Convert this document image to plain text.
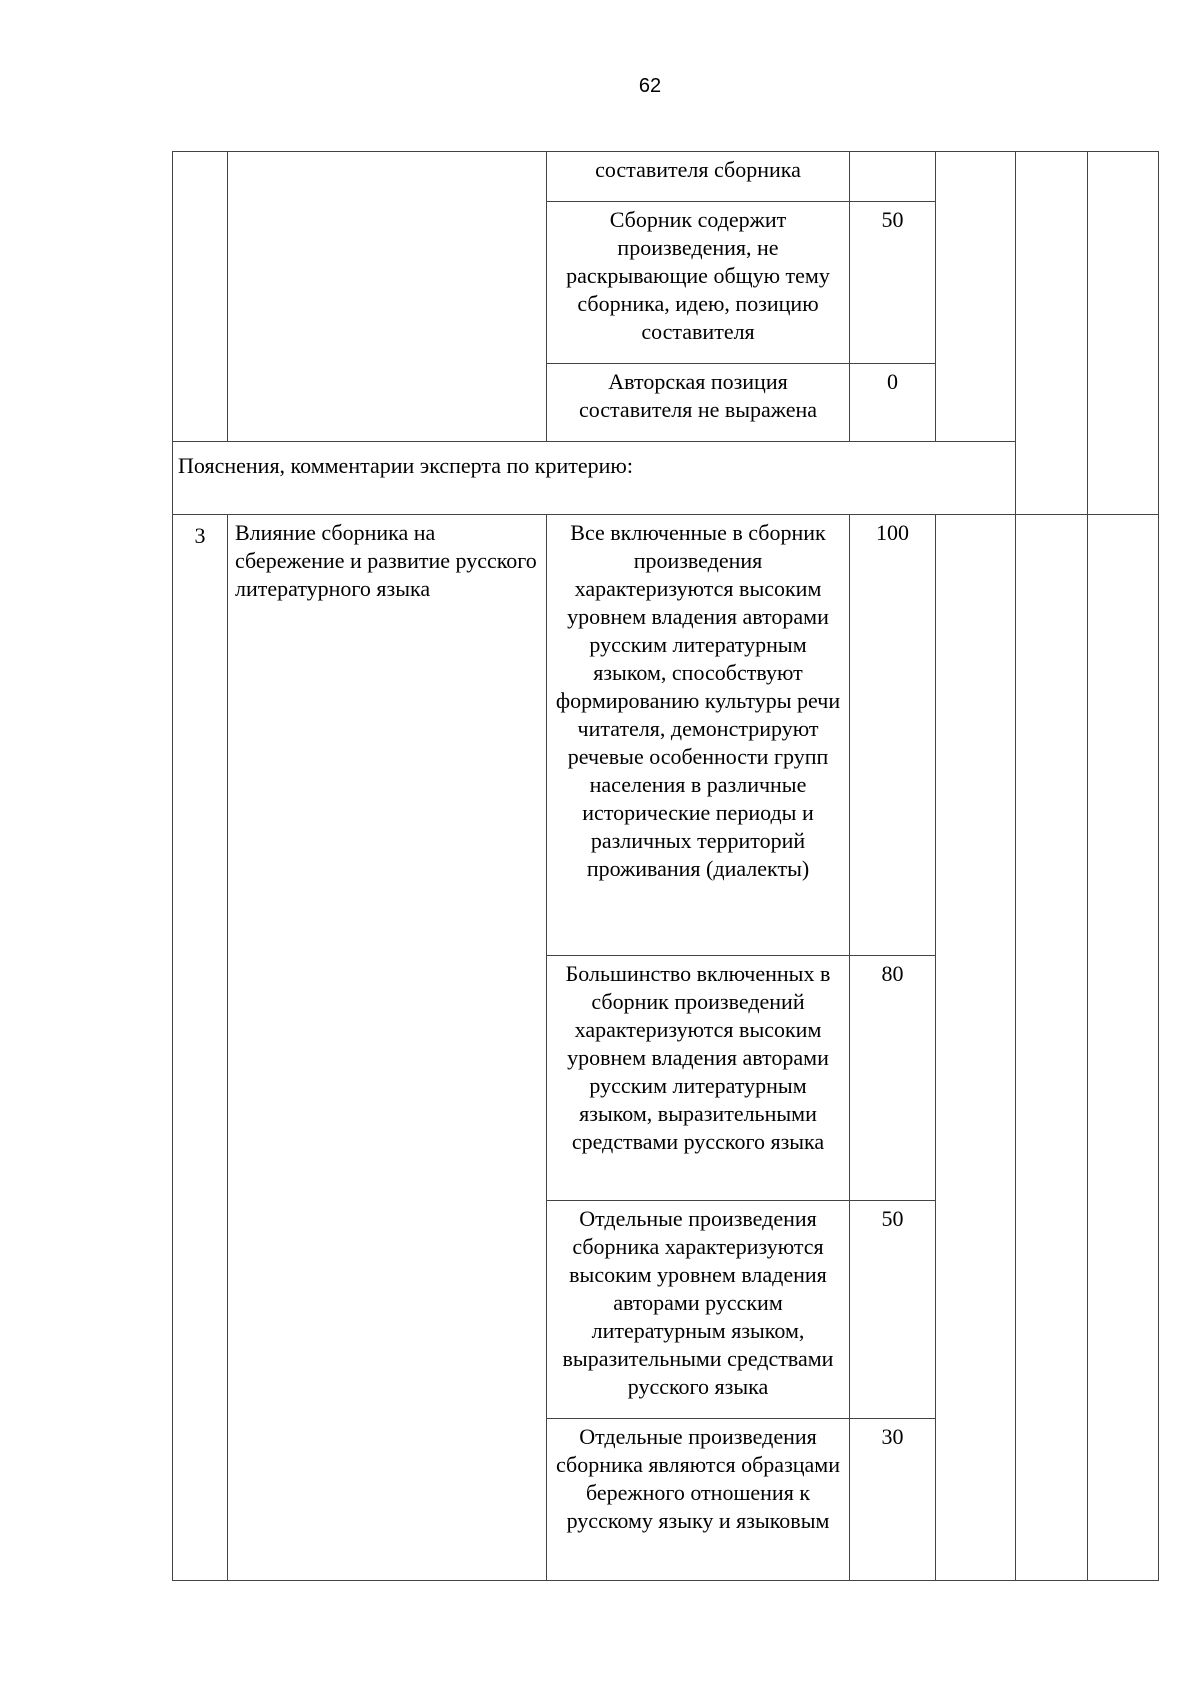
62
		составителя сборника				
		Сборник содержит произведения, не раскрывающие общую тему сборника, идею, позицию составителя	50			
		Авторская позиция составителя не выражена	0			
Пояснения, комментарии эксперта по критерию:						
3	Влияние сборника на сбережение и развитие русского литературного языка	Все включенные в сборник произведения характеризуются высоким уровнем владения авторами русским литературным языком, способствуют формированию культуры речи читателя, демонстрируют речевые особенности групп населения в различные исторические периоды и различных территорий проживания (диалекты)	100			
		Большинство включенных в сборник произведений характеризуются высоким уровнем владения авторами русским литературным языком, выразительными средствами русского языка	80			
		Отдельные произведения сборника характеризуются высоким уровнем владения авторами русским литературным языком, выразительными средствами русского языка	50			
		Отдельные произведения сборника являются образцами бережного отношения к русскому языку и языковым	30			
